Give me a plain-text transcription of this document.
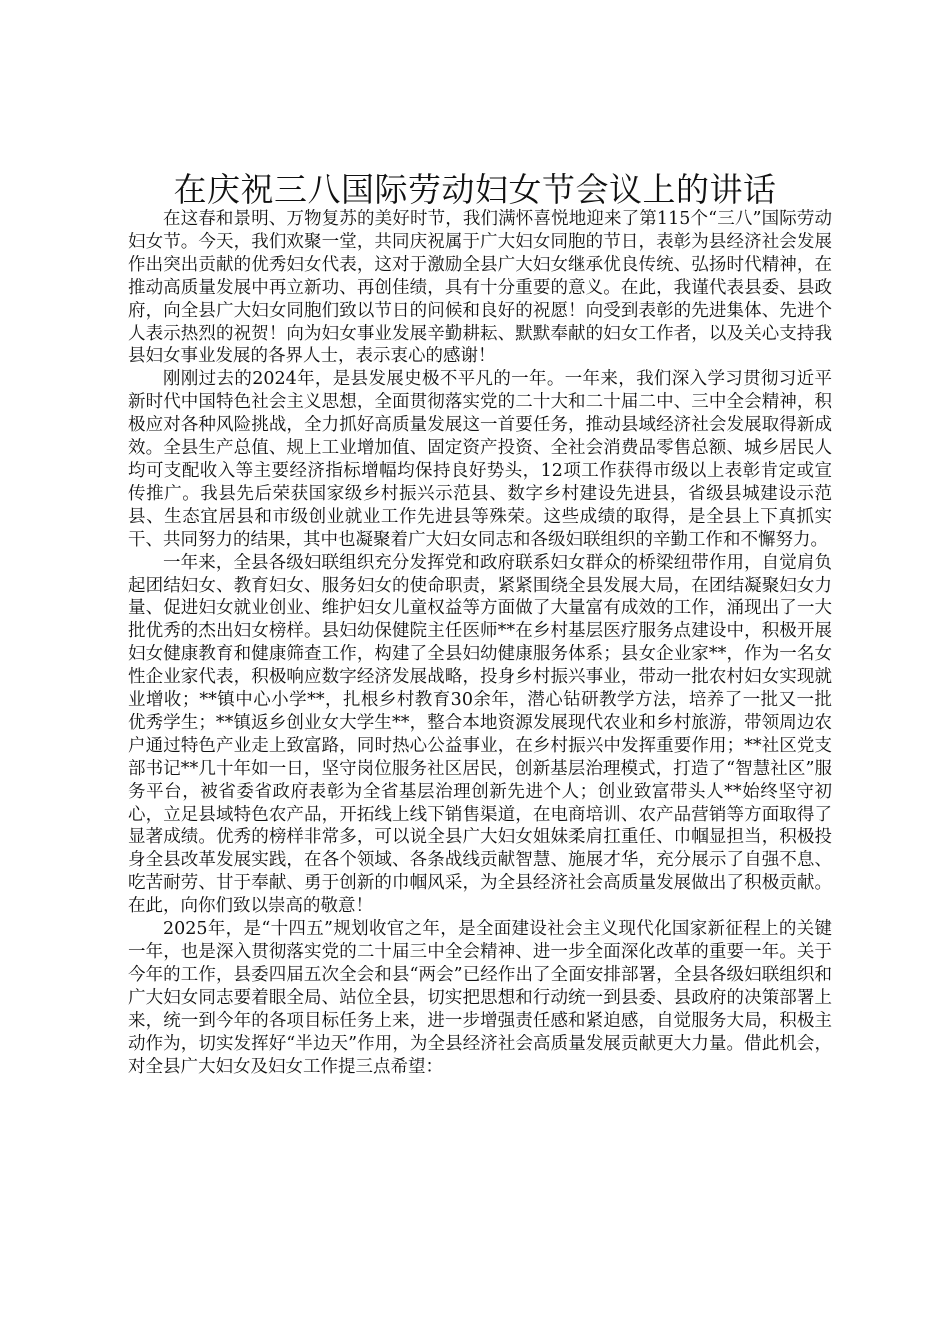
在庆祝三八国际劳动妇女节会议上的讲话

在这春和景明、万物复苏的美好时节，我们满怀喜悦地迎来了第115个“三八”国际劳动妇女节。今天，我们欢聚一堂，共同庆祝属于广大妇女同胞的节日，表彰为县经济社会发展作出突出贡献的优秀妇女代表，这对于激励全县广大妇女继承优良传统、弘扬时代精神，在推动高质量发展中再立新功、再创佳绩，具有十分重要的意义。在此，我谨代表县委、县政府，向全县广大妇女同胞们致以节日的问候和良好的祝愿！向受到表彰的先进集体、先进个人表示热烈的祝贺！向为妇女事业发展辛勤耕耘、默默奉献的妇女工作者，以及关心支持我县妇女事业发展的各界人士，表示衷心的感谢！

刚刚过去的2024年，是县发展史极不平凡的一年。一年来，我们深入学习贯彻习近平新时代中国特色社会主义思想，全面贯彻落实党的二十大和二十届二中、三中全会精神，积极应对各种风险挑战，全力抓好高质量发展这一首要任务，推动县域经济社会发展取得新成效。全县生产总值、规上工业增加值、固定资产投资、全社会消费品零售总额、城乡居民人均可支配收入等主要经济指标增幅均保持良好势头，12项工作获得市级以上表彰肯定或宣传推广。我县先后荣获国家级乡村振兴示范县、数字乡村建设先进县，省级县城建设示范县、生态宜居县和市级创业就业工作先进县等殊荣。这些成绩的取得，是全县上下真抓实干、共同努力的结果，其中也凝聚着广大妇女同志和各级妇联组织的辛勤工作和不懈努力。

一年来，全县各级妇联组织充分发挥党和政府联系妇女群众的桥梁纽带作用，自觉肩负起团结妇女、教育妇女、服务妇女的使命职责，紧紧围绕全县发展大局，在团结凝聚妇女力量、促进妇女就业创业、维护妇女儿童权益等方面做了大量富有成效的工作，涌现出了一大批优秀的杰出妇女榜样。县妇幼保健院主任医师**在乡村基层医疗服务点建设中，积极开展妇女健康教育和健康筛查工作，构建了全县妇幼健康服务体系；县女企业家**，作为一名女性企业家代表，积极响应数字经济发展战略，投身乡村振兴事业，带动一批农村妇女实现就业增收；**镇中心小学**，扎根乡村教育30余年，潜心钻研教学方法，培养了一批又一批优秀学生；**镇返乡创业女大学生**，整合本地资源发展现代农业和乡村旅游，带领周边农户通过特色产业走上致富路，同时热心公益事业，在乡村振兴中发挥重要作用；**社区党支部书记**几十年如一日，坚守岗位服务社区居民，创新基层治理模式，打造了“智慧社区”服务平台，被省委省政府表彰为全省基层治理创新先进个人；创业致富带头人**始终坚守初心，立足县域特色农产品，开拓线上线下销售渠道，在电商培训、农产品营销等方面取得了显著成绩。优秀的榜样非常多，可以说全县广大妇女姐妹柔肩扛重任、巾帼显担当，积极投身全县改革发展实践，在各个领域、各条战线贡献智慧、施展才华，充分展示了自强不息、吃苦耐劳、甘于奉献、勇于创新的巾帼风采，为全县经济社会高质量发展做出了积极贡献。在此，向你们致以崇高的敬意！

2025年，是“十四五”规划收官之年，是全面建设社会主义现代化国家新征程上的关键一年，也是深入贯彻落实党的二十届三中全会精神、进一步全面深化改革的重要一年。关于今年的工作，县委四届五次全会和县“两会”已经作出了全面安排部署，全县各级妇联组织和广大妇女同志要着眼全局、站位全县，切实把思想和行动统一到县委、县政府的决策部署上来，统一到今年的各项目标任务上来，进一步增强责任感和紧迫感，自觉服务大局，积极主动作为，切实发挥好“半边天”作用，为全县经济社会高质量发展贡献更大力量。借此机会，对全县广大妇女及妇女工作提三点希望：
